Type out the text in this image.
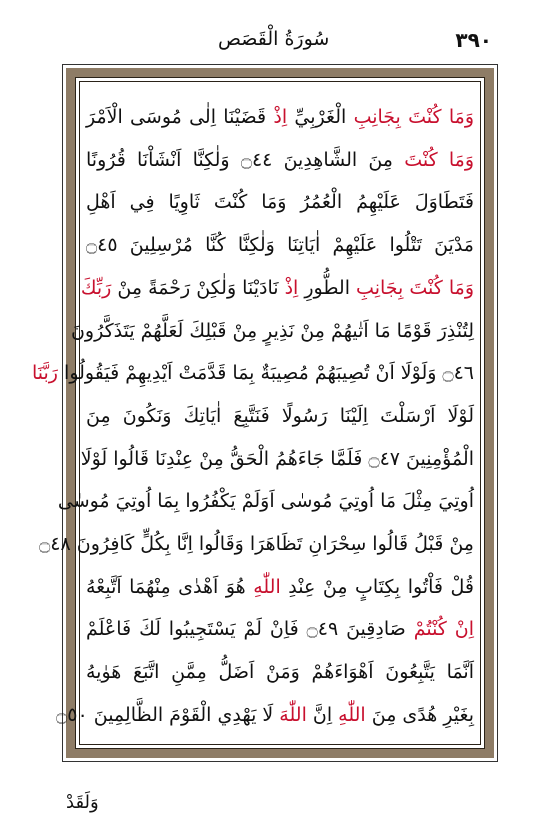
٣٩٠
سُورَةُ الْقَصَص
وَمَا كُنْتَ بِجَانِبِ الْغَرْبِيِّ اِذْ قَضَيْنَا اِلٰى مُوسَى الْاَمْرَ
وَمَا كُنْتَ مِنَ الشَّاهِدِينَ ۝٤٤ وَلٰكِنَّا اَنْشَاْنَا قُرُونًا
فَتَطَاوَلَ عَلَيْهِمُ الْعُمُرُ وَمَا كُنْتَ ثَاوِيًا فِي اَهْلِ
مَدْيَنَ تَتْلُوا عَلَيْهِمْ اٰيَاتِنَا وَلٰكِنَّا كُنَّا مُرْسِلِينَ ۝٤٥
وَمَا كُنْتَ بِجَانِبِ الطُّورِ اِذْ نَادَيْنَا وَلٰكِنْ رَحْمَةً مِنْ رَبِّكَ
لِتُنْذِرَ قَوْمًا مَا اَتٰيهُمْ مِنْ نَذِيرٍ مِنْ قَبْلِكَ لَعَلَّهُمْ يَتَذَكَّرُونَ
۝٤٦ وَلَوْلَا اَنْ تُصِيبَهُمْ مُصِيبَةٌ بِمَا قَدَّمَتْ اَيْدِيهِمْ فَيَقُولُوا رَبَّنَا
لَوْلَا اَرْسَلْتَ اِلَيْنَا رَسُولًا فَنَتَّبِعَ اٰيَاتِكَ وَنَكُونَ مِنَ
الْمُؤْمِنِينَ ۝٤٧ فَلَمَّا جَاءَهُمُ الْحَقُّ مِنْ عِنْدِنَا قَالُوا لَوْلَا
اُوتِيَ مِثْلَ مَا اُوتِيَ مُوسٰى اَوَلَمْ يَكْفُرُوا بِمَا اُوتِيَ مُوسٰى
مِنْ قَبْلُ قَالُوا سِحْرَانِ تَظَاهَرَا وَقَالُوا اِنَّا بِكُلٍّ كَافِرُونَ ۝٤٨
قُلْ فَاْتُوا بِكِتَابٍ مِنْ عِنْدِ اللّٰهِ هُوَ اَهْدٰى مِنْهُمَا اَتَّبِعْهُ
اِنْ كُنْتُمْ صَادِقِينَ ۝٤٩ فَاِنْ لَمْ يَسْتَجِيبُوا لَكَ فَاعْلَمْ
اَنَّمَا يَتَّبِعُونَ اَهْوَاءَهُمْ وَمَنْ اَضَلُّ مِمَّنِ اتَّبَعَ هَوٰيهُ
بِغَيْرِ هُدًى مِنَ اللّٰهِ اِنَّ اللّٰهَ لَا يَهْدِي الْقَوْمَ الظَّالِمِينَ ۝٥٠
وَلَقَدْ
